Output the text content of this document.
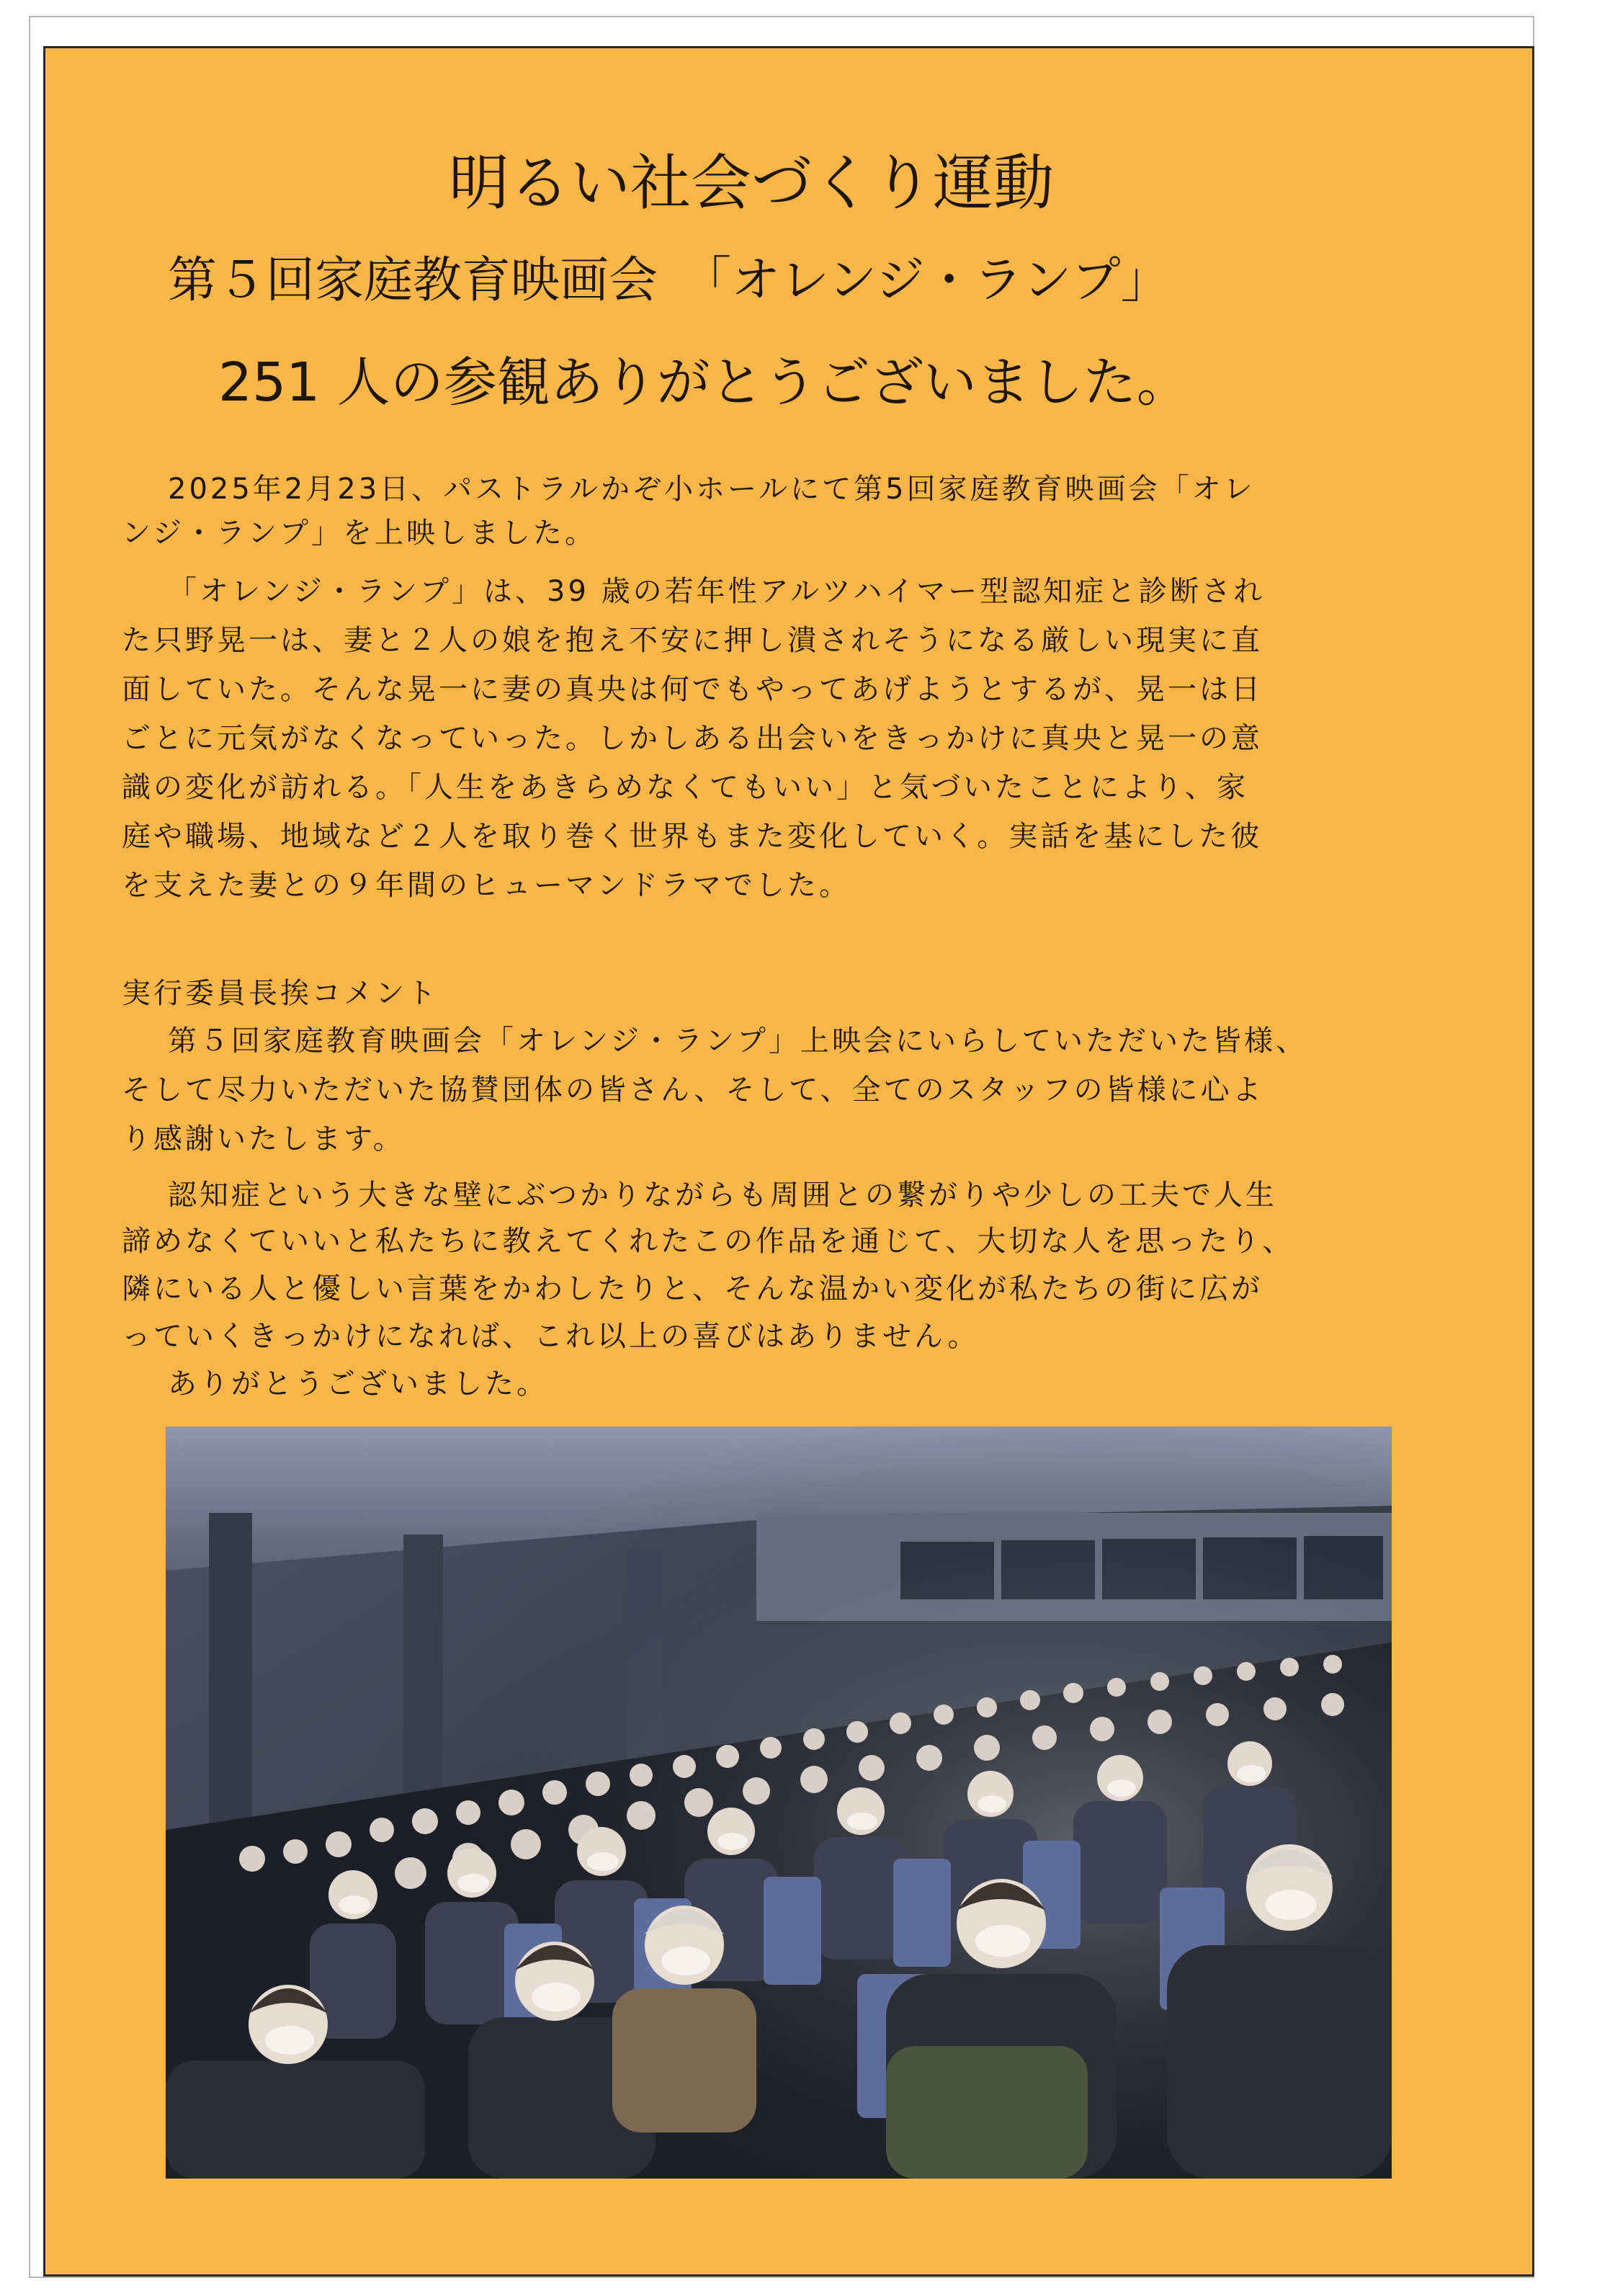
明るい社会づくり運動
第５回家庭教育映画会　「オレンジ・ランプ」
251 人の参観ありがとうございました。
2025年2月23日、パストラルかぞ小ホールにて第5回家庭教育映画会「オレ
ンジ・ランプ」を上映しました。
「オレンジ・ランプ」は、39 歳の若年性アルツハイマー型認知症と診断され
た只野晃一は、妻と２人の娘を抱え不安に押し潰されそうになる厳しい現実に直
面していた。そんな晃一に妻の真央は何でもやってあげようとするが、晃一は日
ごとに元気がなくなっていった。しかしある出会いをきっかけに真央と晃一の意
識の変化が訪れる。「人生をあきらめなくてもいい」と気づいたことにより、家
庭や職場、地域など２人を取り巻く世界もまた変化していく。実話を基にした彼
を支えた妻との９年間のヒューマンドラマでした。
実行委員長挨コメント
第５回家庭教育映画会「オレンジ・ランプ」上映会にいらしていただいた皆様、
そして尽力いただいた協賛団体の皆さん、そして、全てのスタッフの皆様に心よ
り感謝いたします。
認知症という大きな壁にぶつかりながらも周囲との繋がりや少しの工夫で人生
諦めなくていいと私たちに教えてくれたこの作品を通じて、大切な人を思ったり、
隣にいる人と優しい言葉をかわしたりと、そんな温かい変化が私たちの街に広が
っていくきっかけになれば、これ以上の喜びはありません。
ありがとうございました。
